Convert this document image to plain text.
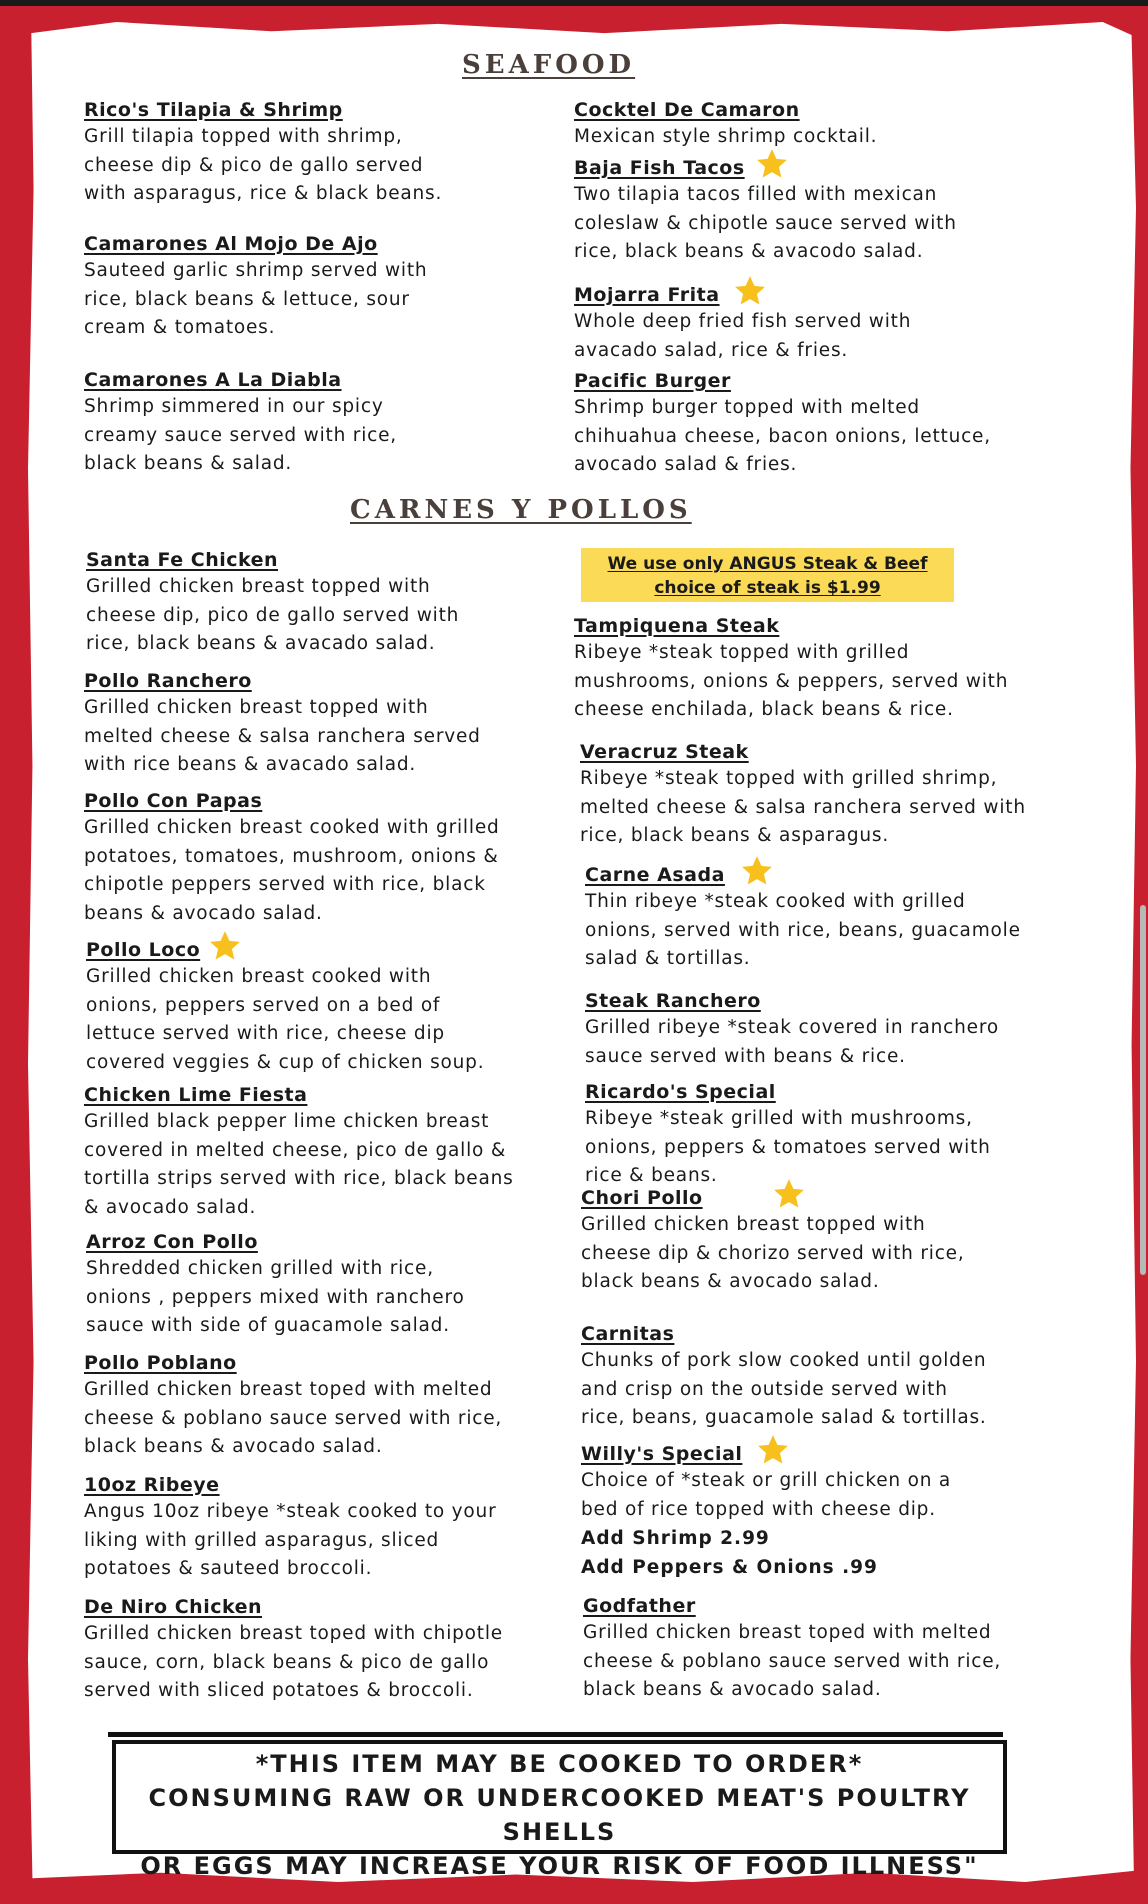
SEAFOOD
CARNES Y POLLOS
We use only ANGUS Steak & Beef
choice of steak is $1.99
*THIS ITEM MAY BE COOKED TO ORDER*
CONSUMING RAW OR UNDERCOOKED MEAT'S POULTRY SHELLS
OR EGGS MAY INCREASE YOUR RISK OF FOOD ILLNESS"
Rico's Tilapia & Shrimp
Grill tilapia topped with shrimp,
cheese dip & pico de gallo served
with asparagus, rice & black beans.
Camarones Al Mojo De Ajo
Sauteed garlic shrimp served with
rice, black beans & lettuce, sour
cream & tomatoes.
Camarones A La Diabla
Shrimp simmered in our spicy
creamy sauce served with rice,
black beans & salad.
Cocktel De Camaron
Mexican style shrimp cocktail.
Baja Fish Tacos
Two tilapia tacos filled with mexican
coleslaw & chipotle sauce served with
rice, black beans & avacodo salad.
Mojarra Frita
Whole deep fried fish served with
avacado salad, rice & fries.
Pacific Burger
Shrimp burger topped with melted
chihuahua cheese, bacon onions, lettuce,
avocado salad & fries.
Santa Fe Chicken
Grilled chicken breast topped with
cheese dip, pico de gallo served with
rice, black beans & avacado salad.
Pollo Ranchero
Grilled chicken breast topped with
melted cheese & salsa ranchera served
with rice beans & avacado salad.
Pollo Con Papas
Grilled chicken breast cooked with grilled
potatoes, tomatoes, mushroom, onions &
chipotle peppers served with rice, black
beans & avocado salad.
Pollo Loco
Grilled chicken breast cooked with
onions, peppers served on a bed of
lettuce served with rice, cheese dip
covered veggies & cup of chicken soup.
Chicken Lime Fiesta
Grilled black pepper lime chicken breast
covered in melted cheese, pico de gallo &
tortilla strips served with rice, black beans
& avocado salad.
Arroz Con Pollo
Shredded chicken grilled with rice,
onions , peppers mixed with ranchero
sauce with side of guacamole salad.
Pollo Poblano
Grilled chicken breast toped with melted
cheese & poblano sauce served with rice,
black beans & avocado salad.
10oz Ribeye
Angus 10oz ribeye *steak cooked to your
liking with grilled asparagus, sliced
potatoes & sauteed broccoli.
De Niro Chicken
Grilled chicken breast toped with chipotle
sauce, corn, black beans & pico de gallo
served with sliced potatoes & broccoli.
Tampiquena Steak
Ribeye *steak topped with grilled
mushrooms, onions & peppers, served with
cheese enchilada, black beans & rice.
Veracruz Steak
Ribeye *steak topped with grilled shrimp,
melted cheese & salsa ranchera served with
rice, black beans & asparagus.
Carne Asada
Thin ribeye *steak cooked with grilled
onions, served with rice, beans, guacamole
salad & tortillas.
Steak Ranchero
Grilled ribeye *steak covered in ranchero
sauce served with beans & rice.
Ricardo's Special
Ribeye *steak grilled with mushrooms,
onions, peppers & tomatoes served with
rice & beans.
Chori Pollo
Grilled chicken breast topped with
cheese dip & chorizo served with rice,
black beans & avocado salad.
Carnitas
Chunks of pork slow cooked until golden
and crisp on the outside served with
rice, beans, guacamole salad & tortillas.
Willy's Special
Choice of *steak or grill chicken on a
bed of rice topped with cheese dip.
Add Shrimp 2.99
Add Peppers & Onions .99
Godfather
Grilled chicken breast toped with melted
cheese & poblano sauce served with rice,
black beans & avocado salad.
